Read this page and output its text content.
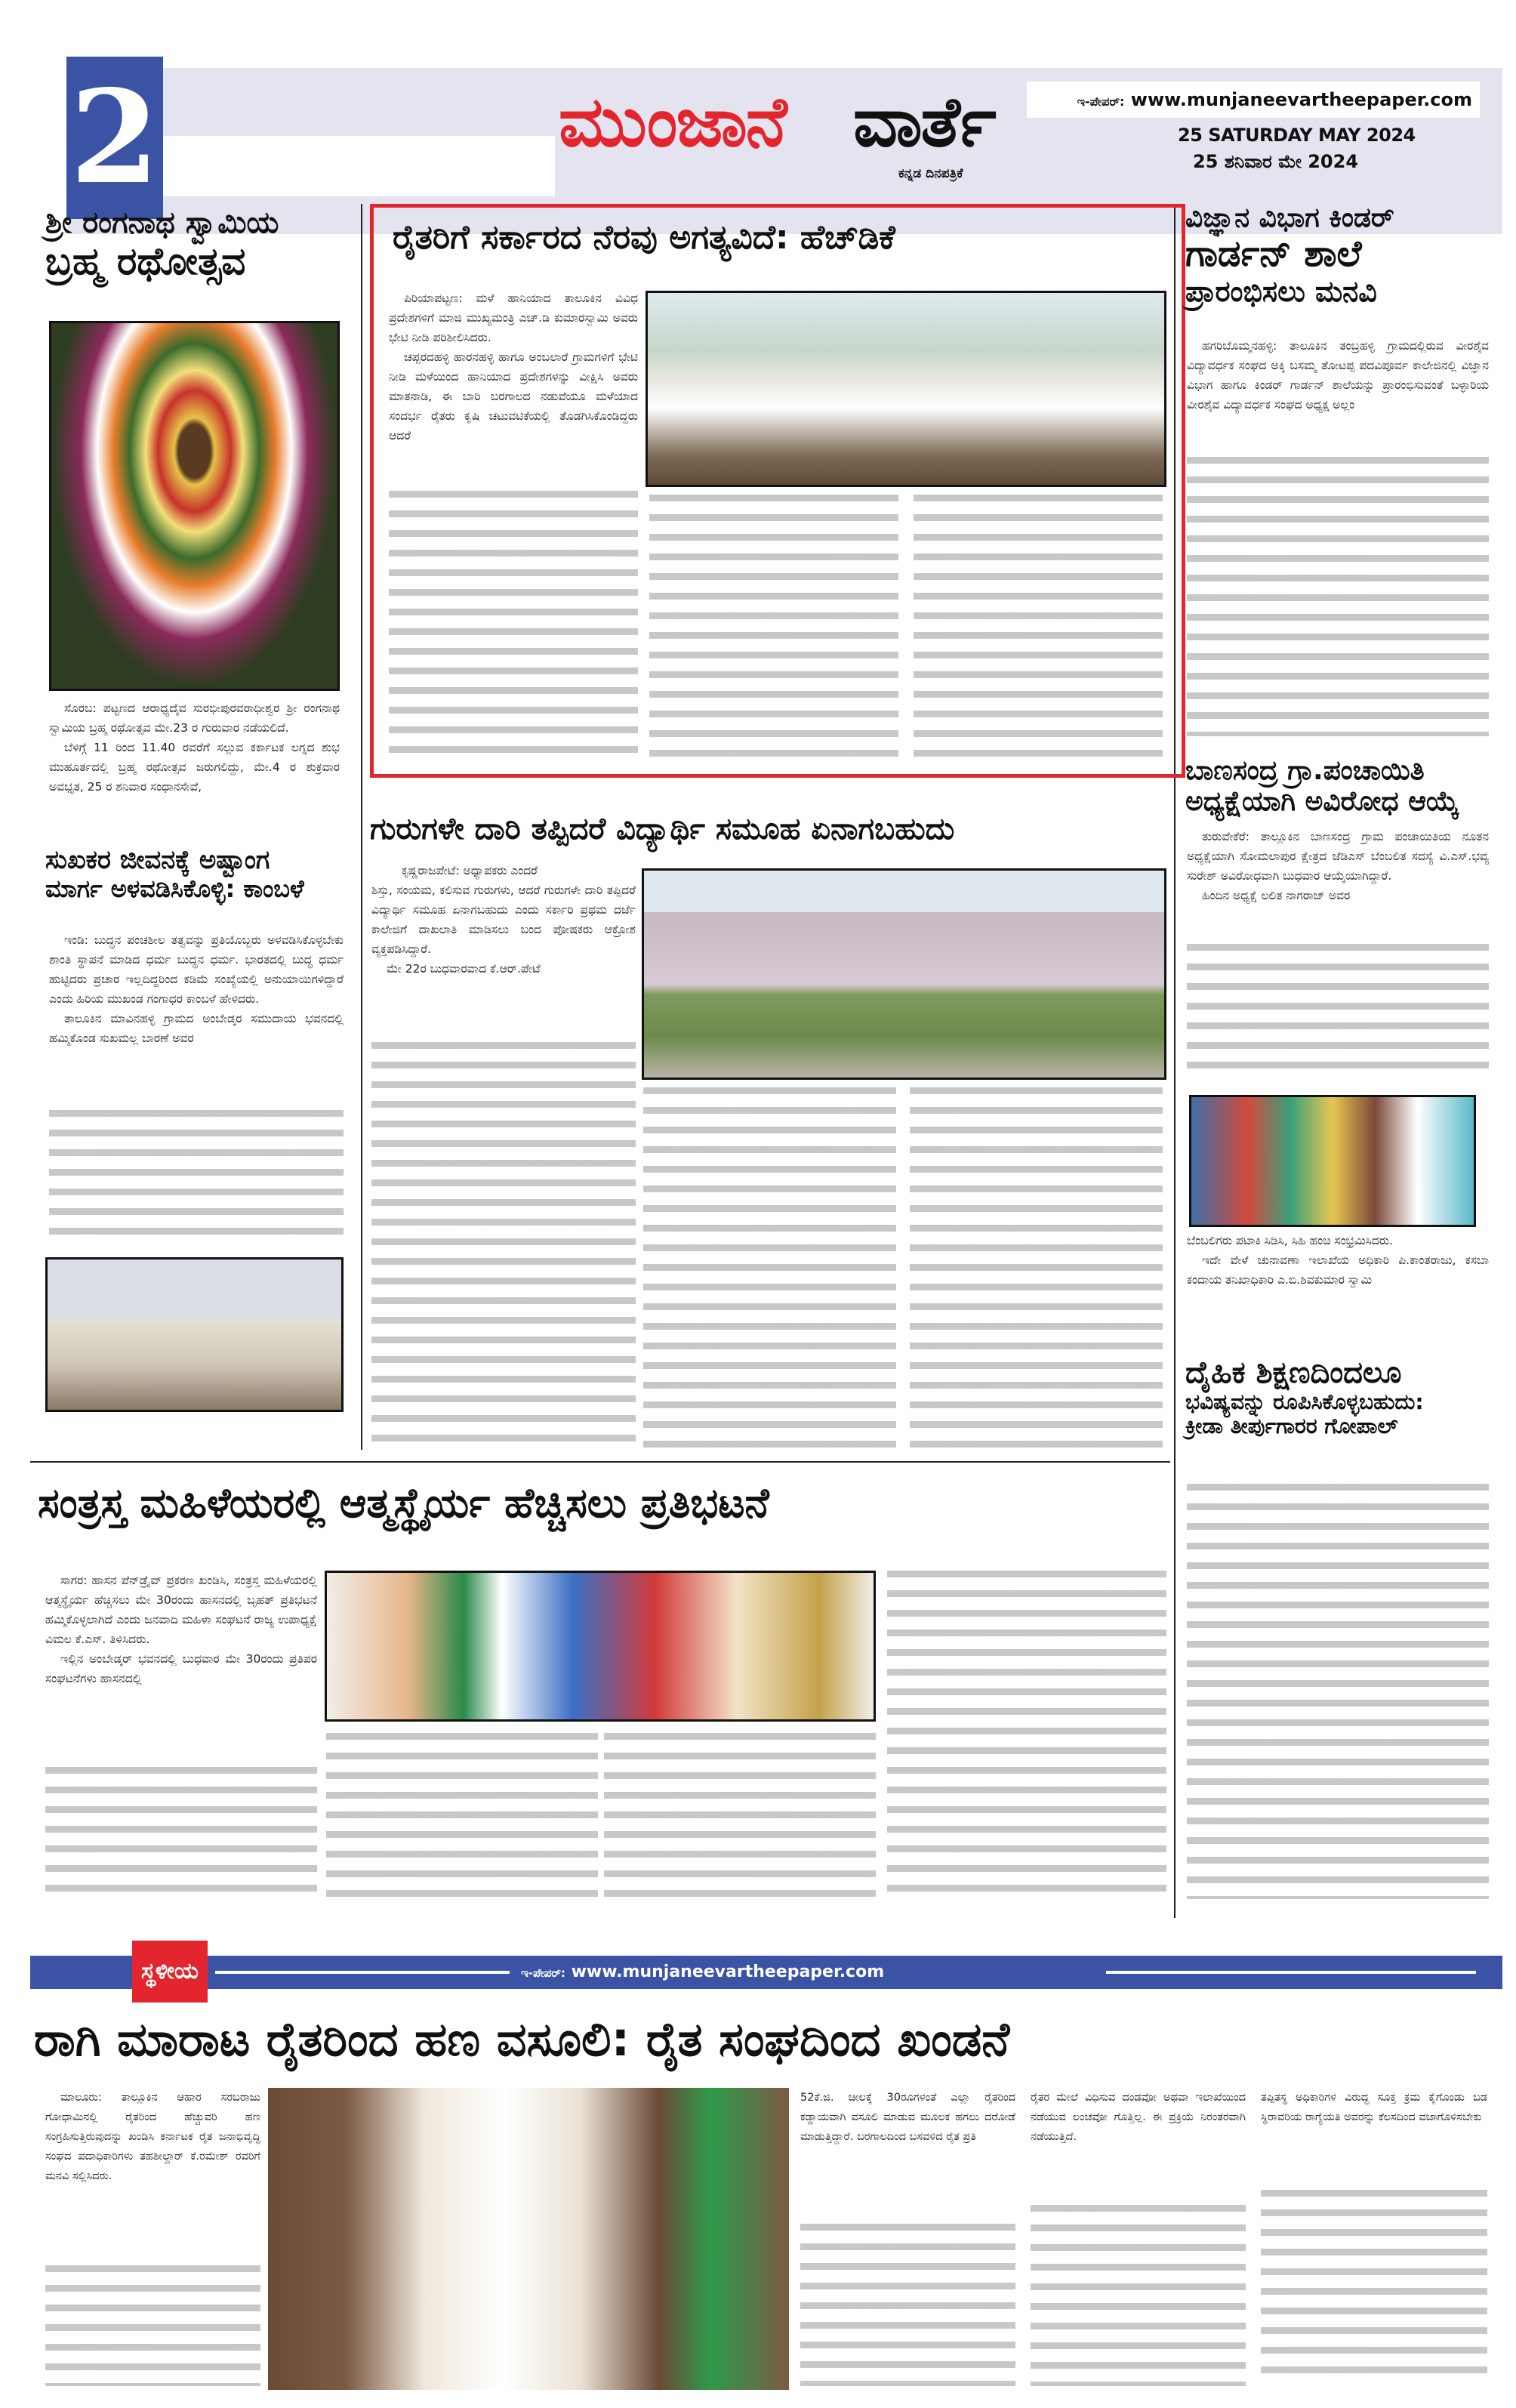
2	ಮುಂಜಾನೆ ವಾರ್ತೆ
ಕನ್ನಡ ದಿನಪತ್ರಿಕೆ
ಇ-ಪೇಪರ್: www.munjaneevartheepaper.com
25 SATURDAY MAY 2024
25 ಶನಿವಾರ ಮೇ 2024
ಶ್ರೀ ರಂಗನಾಥ ಸ್ವಾಮಿಯ
ಬ್ರಹ್ಮ ರಥೋತ್ಸವ

ಸೊರಬ: ಪಟ್ಟಣದ ಆರಾಧ್ಯದೈವ ಸುರಭೀಪುರವರಾಧೀಶ್ವರ ಶ್ರೀ ರಂಗನಾಥ ಸ್ವಾಮಿಯ ಬ್ರಹ್ಮ ರಥೋತ್ಸವ ಮೇ.23 ರ ಗುರುವಾರ ನಡೆಯಲಿದೆ.

ಬೆಳಿಗ್ಗೆ 11 ರಿಂದ 11.40 ರವರೆಗೆ ಸಲ್ಲುವ ಕರ್ಕಾಟಕ ಲಗ್ನದ ಶುಭ ಮುಹೂರ್ತದಲ್ಲಿ ಬ್ರಹ್ಮ ರಥೋತ್ಸವ ಜರುಗಲಿದ್ದು, ಮೇ.4 ರ ಶುಕ್ರವಾರ ಅವಭೃತ, 25 ರ ಶನಿವಾರ ಸಂಧಾನಸೇವೆ,

ಸುಖಕರ ಜೀವನಕ್ಕೆ ಅಷ್ಟಾಂಗ
ಮಾರ್ಗ ಅಳವಡಿಸಿಕೊಳ್ಳಿ: ಕಾಂಬಳೆ

ಇಂಡಿ: ಬುದ್ಧನ ಪಂಚಶೀಲ ತತ್ವವನ್ನು ಪ್ರತಿಯೊಬ್ಬರು ಅಳವಡಿಸಿಕೊಳ್ಳಬೇಕು ಶಾಂತಿ ಸ್ಥಾಪನೆ ಮಾಡಿದ ಧರ್ಮ ಬುದ್ಧನ ಧರ್ಮ. ಭಾರತದಲ್ಲಿ ಬುದ್ಧ ಧರ್ಮ ಹುಟ್ಟಿದರು ಪ್ರಚಾರ ಇಲ್ಲದಿದ್ದರಿಂದ ಕಡಿಮೆ ಸಂಖ್ಯೆಯಲ್ಲಿ ಅನುಯಾಯಿಗಳಿದ್ದಾರೆ ಎಂದು ಹಿರಿಯ ಮುಖಂಡ ಗಂಗಾಧರ ಕಾಂಬಳೆ ಹೇಳಿದರು.

ತಾಲೂಕಿನ ಮಾವಿನಹಳ್ಳಿ ಗ್ರಾಮದ ಅಂಬೇಡ್ಕರ ಸಮುದಾಯ ಭವನದಲ್ಲಿ ಹಮ್ಮಿಕೊಂಡ ಸುಖಮಲ್ಲ ಬಾರಣೆ ಅವರ

ರೈತರಿಗೆ ಸರ್ಕಾರದ ನೆರವು ಅಗತ್ಯವಿದೆ: ಹೆಚ್‌ಡಿಕೆ

ಪಿರಿಯಾಪಟ್ಟಣ: ಮಳೆ ಹಾನಿಯಾದ ತಾಲೂಕಿನ ವಿವಿಧ ಪ್ರದೇಶಗಳಿಗೆ ಮಾಜಿ ಮುಖ್ಯಮಂತ್ರಿ ಎಚ್.ಡಿ ಕುಮಾರಸ್ವಾಮಿ ಅವರು ಭೇಟಿ ನೀಡಿ ಪರಿಶೀಲಿಸಿದರು.

ಚಪ್ಪರದಹಳ್ಳಿ ಹಾರನಹಳ್ಳಿ ಹಾಗೂ ಅಂಬಲಾರೆ ಗ್ರಾಮಗಳಿಗೆ ಭೇಟಿ ನೀಡಿ ಮಳೆಯಿಂದ ಹಾನಿಯಾದ ಪ್ರದೇಶಗಳನ್ನು ವೀಕ್ಷಿಸಿ ಅವರು ಮಾತನಾಡಿ, ಈ ಬಾರಿ ಬರಗಾಲದ ನಡುವೆಯೂ ಮಳೆಯಾದ ಸಂದರ್ಭ ರೈತರು ಕೃಷಿ ಚಟುವಟಿಕೆಯಲ್ಲಿ ತೊಡಗಿಸಿಕೊಂಡಿದ್ದರು ಆದರೆ

ಗುರುಗಳೇ ದಾರಿ ತಪ್ಪಿದರೆ ವಿದ್ಯಾರ್ಥಿ ಸಮೂಹ ಏನಾಗಬಹುದು

ಕೃಷ್ಣರಾಜಪೇಟೆ: ಅಧ್ಯಾಪಕರು ಎಂದರೆ

ಶಿಸ್ತು, ಸಂಯಮ, ಕಲಿಸುವ ಗುರುಗಳು, ಆದರೆ ಗುರುಗಳೇ ದಾರಿ ತಪ್ಪಿದರೆ ವಿದ್ಯಾರ್ಥಿ ಸಮೂಹ ಏನಾಗಬಹುದು ಎಂದು ಸರ್ಕಾರಿ ಪ್ರಥಮ ದರ್ಜೆ ಕಾಲೇಜಿಗೆ ದಾಖಲಾತಿ ಮಾಡಿಸಲು ಬಂದ ಪೋಷಕರು ಆಕ್ರೋಶ ವ್ಯಕ್ತಪಡಿಸಿದ್ದಾರೆ.

ಮೇ 22ರ ಬುಧವಾರವಾದ ಕೆ.ಆರ್.ಪೇಟೆ

ವಿಜ್ಞಾನ ವಿಭಾಗ ಕಿಂಡರ್
ಗಾರ್ಡನ್ ಶಾಲೆ
ಪ್ರಾರಂಭಿಸಲು ಮನವಿ

ಹಗರಿಬೊಮ್ಮನಹಳ್ಳಿ: ತಾಲೂಕಿನ ತಂಬ್ರಹಳ್ಳಿ ಗ್ರಾಮದಲ್ಲಿರುವ ವೀರಶೈವ ವಿದ್ಯಾವರ್ಧಕ ಸಂಘದ ಅಕ್ಕಿ ಬಸಮ್ಮ ತೋಟಪ್ಪ ಪದವಿಪೂರ್ವ ಕಾಲೇಜಿನಲ್ಲಿ ವಿಜ್ಞಾನ ವಿಭಾಗ ಹಾಗೂ ಕಿಂಡರ್ ಗಾರ್ಡನ್ ಶಾಲೆಯನ್ನು ಪ್ರಾರಂಭಿಸುವಂತೆ ಬಳ್ಳಾರಿಯ ವೀರಶೈವ ವಿದ್ಯಾವರ್ಧಕ ಸಂಘದ ಅಧ್ಯಕ್ಷ ಅಲ್ಲಂ

ಬಾಣಸಂದ್ರ ಗ್ರಾ.ಪಂಚಾಯಿತಿ
ಅಧ್ಯಕ್ಷೆಯಾಗಿ ಅವಿರೋಧ ಆಯ್ಕೆ

ತುರುವೇಕೆರೆ: ತಾಲ್ಲೂಕಿನ ಬಾಣಸಂದ್ರ ಗ್ರಾಮ ಪಂಚಾಯಿತಿಯ ನೂತನ ಅಧ್ಯಕ್ಷೆಯಾಗಿ ಸೋಮಲಾಪುರ ಕ್ಷೇತ್ರದ ಜೆಡಿಎಸ್ ಬೆಂಬಲಿತ ಸದಸ್ಯೆ ವಿ.ಎಸ್.ಭವ್ಯ ಸುರೇಶ್ ಅವಿರೋಧವಾಗಿ ಬುಧವಾರ ಆಯ್ಕೆಯಾಗಿದ್ದಾರೆ.

ಹಿಂದಿನ ಅಧ್ಯಕ್ಷೆ ಲಲಿತ ನಾಗರಾಜ್ ಅವರ

ಬೆಂಬಲಿಗರು ಪಟಾಕಿ ಸಿಡಿಸಿ, ಸಿಹಿ ಹಂಚಿ ಸಂಭ್ರಮಿಸಿದರು.

ಇದೇ ವೇಳೆ ಚುನಾವಣಾ ಇಲಾಖೆಯ ಅಧಿಕಾರಿ ಪಿ.ಕಾಂತರಾಜು, ಕಸಬಾ ಕಂದಾಯ ತನಿಖಾಧಿಕಾರಿ ಎ.ಬಿ.ಶಿವಕುಮಾರ ಸ್ವಾಮಿ

ದೈಹಿಕ ಶಿಕ್ಷಣದಿಂದಲೂ
ಭವಿಷ್ಯವನ್ನು ರೂಪಿಸಿಕೊಳ್ಳಬಹುದು:
ಕ್ರೀಡಾ ತೀರ್ಪುಗಾರರ ಗೋಪಾಲ್
ಸಂತ್ರಸ್ತ ಮಹಿಳೆಯರಲ್ಲಿ ಆತ್ಮಸ್ಥೈರ್ಯ ಹೆಚ್ಚಿಸಲು ಪ್ರತಿಭಟನೆ

ಸಾಗರ: ಹಾಸನ ಪೆನ್‌ಡ್ರೈವ್ ಪ್ರಕರಣ ಖಂಡಿಸಿ, ಸಂತ್ರಸ್ತ ಮಹಿಳೆಯರಲ್ಲಿ ಆತ್ಮಸ್ಥೈರ್ಯ ಹೆಚ್ಚಿಸಲು ಮೇ 30ರಂದು ಹಾಸನದಲ್ಲಿ ಬೃಹತ್ ಪ್ರತಿಭಟನೆ ಹಮ್ಮಿಕೊಳ್ಳಲಾಗಿದೆ ಎಂದು ಜನವಾದಿ ಮಹಿಳಾ ಸಂಘಟನೆ ರಾಜ್ಯ ಉಪಾಧ್ಯಕ್ಷೆ ವಿಮಲ ಕೆ.ಎಸ್. ತಿಳಿಸಿದರು.

ಇಲ್ಲಿನ ಅಂಬೇಡ್ಕರ್ ಭವನದಲ್ಲಿ ಬುಧವಾರ ಮೇ 30ರಂದು ಪ್ರತಿಪರ ಸಂಘಟನೆಗಳು ಹಾಸನದಲ್ಲಿ

ಇ-ಪೇಪರ್: www.munjaneevartheepaper.com
ಸ್ಥಳೀಯ
ರಾಗಿ ಮಾರಾಟ ರೈತರಿಂದ ಹಣ ವಸೂಲಿ: ರೈತ ಸಂಘದಿಂದ ಖಂಡನೆ

ಮಾಲೂರು: ತಾಲ್ಲೂಕಿನ ಆಹಾರ ಸರಬರಾಜು ಗೋಧಾಮಿನಲ್ಲಿ ರೈತರಿಂದ ಹೆಚ್ಚುವರಿ ಹಣ ಸಂಗ್ರಹಿಸುತ್ತಿರುವುದನ್ನು ಖಂಡಿಸಿ ಕರ್ನಾಟಕ ರೈತ ಜನಾಭಿವೃದ್ಧಿ ಸಂಘದ ಪದಾಧಿಕಾರಿಗಳು ತಹಶೀಲ್ದಾರ್ ಕೆ.ರಮೇಶ್ ರವರಿಗೆ ಮನವಿ ಸಲ್ಲಿಸಿದರು.

52ಕೆ.ಜಿ. ಚೀಲಕ್ಕೆ 30ರೂಗಳಂತೆ ಎಲ್ಲಾ ರೈತರಿಂದ ಕಡ್ಡಾಯವಾಗಿ ವಸೂಲಿ ಮಾಡುವ ಮೂಲಕ ಹಗಲು ದರೋಡೆ ಮಾಡುತ್ತಿದ್ದಾರೆ. ಬರಗಾಲದಿಂದ ಬಸವಳಿದ ರೈತ ಪ್ರತಿ

ರೈತರ ಮೇಲೆ ವಿಧಿಸುವ ದಂಡವೋ ಅಥವಾ ಇಲಾಖೆಯಿಂದ ನಡೆಯುವ ಲಂಚವೋ ಗೊತ್ತಿಲ್ಲ. ಈ ಪ್ರಕ್ರಿಯೆ ನಿರಂತರವಾಗಿ ನಡೆಯುತ್ತಿದೆ.

ತಪ್ಪಿತಸ್ಥ ಅಧಿಕಾರಿಗಳ ವಿರುದ್ಧ ಸೂಕ್ತ ಕ್ರಮ ಕೈಗೊಂಡು ಬಡ ಸ್ಥಿರಾವರಿಯ ರಾಗ್ಯೆಯತಿ ಅವರನ್ನು ಕೆಲಸದಿಂದ ವಜಾಗೊಳಿಸಬೇಕು
